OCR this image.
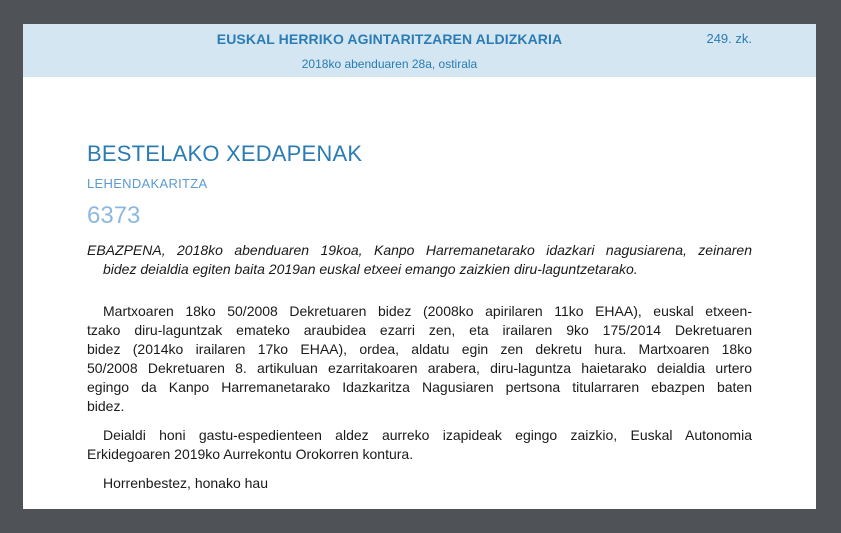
EUSKAL HERRIKO AGINTARITZAREN ALDIZKARIA	249. zk.
2018ko abenduaren 28a, ostirala
BESTELAKO XEDAPENAK
LEHENDAKARITZA
6373
EBAZPENA, 2018ko abenduaren 19koa, Kanpo Harremanetarako idazkari nagusiarena, zeinaren
bidez deialdia egiten baita 2019an euskal etxeei emango zaizkien diru-laguntzetarako.
Martxoaren 18ko 50/2008 Dekretuaren bidez (2008ko apirilaren 11ko EHAA), euskal etxeen-
tzako diru-laguntzak emateko araubidea ezarri zen, eta irailaren 9ko 175/2014 Dekretuaren
bidez (2014ko irailaren 17ko EHAA), ordea, aldatu egin zen dekretu hura. Martxoaren 18ko
50/2008 Dekretuaren 8. artikuluan ezarritakoaren arabera, diru-laguntza haietarako deialdia urtero
egingo da Kanpo Harremanetarako Idazkaritza Nagusiaren pertsona titularraren ebazpen baten
bidez.
Deialdi honi gastu-espedienteen aldez aurreko izapideak egingo zaizkio, Euskal Autonomia
Erkidegoaren 2019ko Aurrekontu Orokorren kontura.
Horrenbestez, honako hau
